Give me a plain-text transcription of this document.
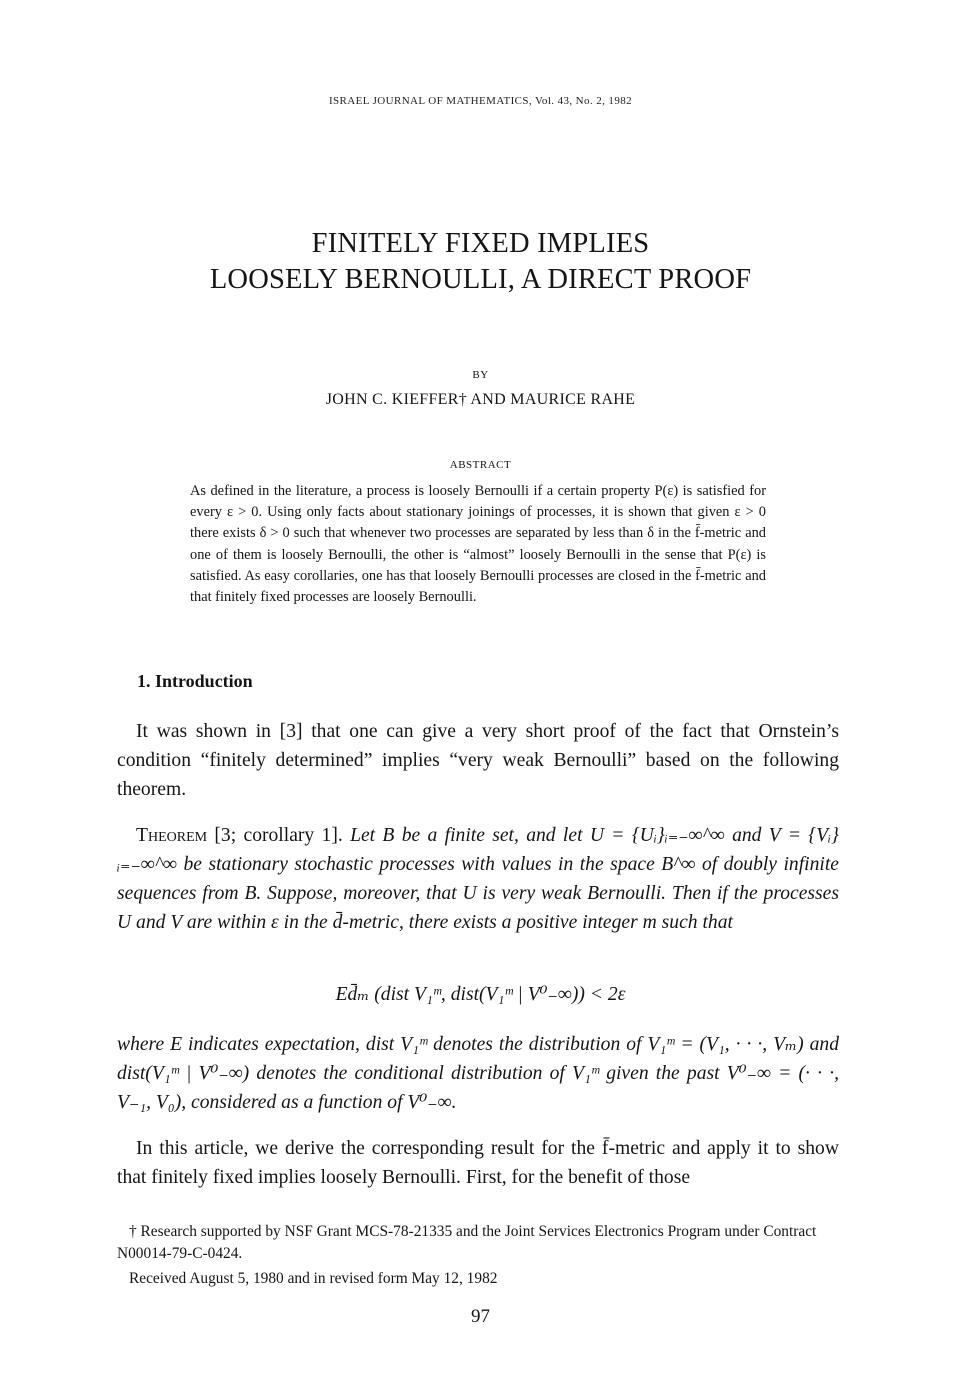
ISRAEL JOURNAL OF MATHEMATICS, Vol. 43, No. 2, 1982
FINITELY FIXED IMPLIES
LOOSELY BERNOULLI, A DIRECT PROOF
BY
JOHN C. KIEFFER† AND MAURICE RAHE
ABSTRACT
As defined in the literature, a process is loosely Bernoulli if a certain property P(ε) is satisfied for every ε > 0. Using only facts about stationary joinings of processes, it is shown that given ε > 0 there exists δ > 0 such that whenever two processes are separated by less than δ in the f̄-metric and one of them is loosely Bernoulli, the other is “almost” loosely Bernoulli in the sense that P(ε) is satisfied. As easy corollaries, one has that loosely Bernoulli processes are closed in the f̄-metric and that finitely fixed processes are loosely Bernoulli.
1. Introduction
It was shown in [3] that one can give a very short proof of the fact that Ornstein’s condition “finitely determined” implies “very weak Bernoulli” based on the following theorem.
Theorem [3; corollary 1]. Let B be a finite set, and let U = {Uᵢ}ᵢ₌₋∞^∞ and V = {Vᵢ}ᵢ₌₋∞^∞ be stationary stochastic processes with values in the space B^∞ of doubly infinite sequences from B. Suppose, moreover, that U is very weak Bernoulli. Then if the processes U and V are within ε in the d̄-metric, there exists a positive integer m such that
Ed̄ₘ (dist V₁ᵐ, dist(V₁ᵐ | V⁰₋∞)) < 2ε
where E indicates expectation, dist V₁ᵐ denotes the distribution of V₁ᵐ = (V₁, · · ·, Vₘ) and dist(V₁ᵐ | V⁰₋∞) denotes the conditional distribution of V₁ᵐ given the past V⁰₋∞ = (· · ·, V₋₁, V₀), considered as a function of V⁰₋∞.
In this article, we derive the corresponding result for the f̄-metric and apply it to show that finitely fixed implies loosely Bernoulli. First, for the benefit of those
† Research supported by NSF Grant MCS-78-21335 and the Joint Services Electronics Program under Contract N00014-79-C-0424.
Received August 5, 1980 and in revised form May 12, 1982
97
